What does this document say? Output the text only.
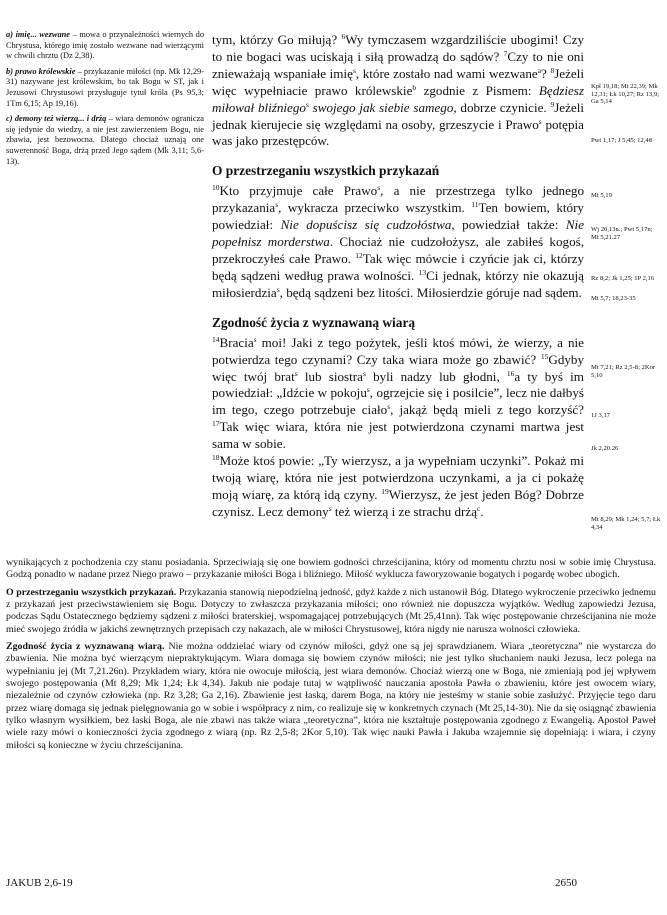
a) imię... wezwane – mowa o przynależności wiernych do Chrystusa, którego imię zostało wezwane nad wierzącymi w chwili chrztu (Dz 2,38).
b) prawo królewskie – przykazanie miłości (np. Mk 12,29-31) nazywane jest królewskim, bo tak Bogu w ST, jak i Jezusowi Chrystusowi przysługuje tytuł króla (Ps 95,3; 1Tm 6,15; Ap 19,16).
c) demony też wierzą... i drżą – wiara demonów ogranicza się jedynie do wiedzy, a nie jest zawierzeniem Bogu, nie zbawia, jest bezowocna. Dlatego chociaż uznają one suwerenność Boga, drżą przed Jego sądem (Mk 3,11; 5,6-13).

tym, którzy Go miłują? $^6$Wy tymczasem wzgardziliście ubogimi! Czy to nie bogaci was uciskają i siłą prowadzą do sądów? $^7$Czy to nie oni znieważają wspaniałe imię$^s$, które zostało nad wami wezwane$^a$? $^8$Jeżeli więc wypełniacie prawo królewskie$^b$ zgodnie z Pismem: Będziesz miłował bliźniego$^s$ swojego jak siebie samego, dobrze czynicie. $^9$Jeżeli jednak kierujecie się względami na osoby, grzeszycie i Prawo$^s$ potępia was jako przestępców.

O przestrzeganiu wszystkich przykazań

$^{10}$Kto przyjmuje całe Prawo$^s$, a nie przestrzega tylko jednego przykazania$^s$, wykracza przeciwko wszystkim. $^{11}$Ten bowiem, który powiedział: Nie dopuścisz się cudzołóstwa, powiedział także: Nie popełnisz morderstwa. Chociaż nie cudzołożysz, ale zabiłeś kogoś, przekroczyłeś całe Prawo. $^{12}$Tak więc mówcie i czyńcie jak ci, którzy będą sądzeni według prawa wolności. $^{13}$Ci jednak, którzy nie okazują miłosierdzia$^s$, będą sądzeni bez litości. Miłosierdzie góruje nad sądem.

Zgodność życia z wyznawaną wiarą

$^{14}$Bracia$^s$ moi! Jaki z tego pożytek, jeśli ktoś mówi, że wierzy, a nie potwierdza tego czynami? Czy taka wiara może go zbawić? $^{15}$Gdyby więc twój brat$^s$ lub siostra$^s$ byli nadzy lub głodni, $^{16}$a ty byś im powiedział: „Idźcie w pokoju$^s$, ogrzejcie się i posilcie”, lecz nie dałbyś im tego, czego potrzebuje ciało$^s$, jakąż będą mieli z tego korzyść? $^{17}$Tak więc wiara, która nie jest potwierdzona czynami martwa jest sama w sobie.

$^{18}$Może ktoś powie: „Ty wierzysz, a ja wypełniam uczynki”. Pokaż mi twoją wiarę, która nie jest potwierdzona uczynkami, a ja ci pokażę moją wiarę, za którą idą czyny. $^{19}$Wierzysz, że jest jeden Bóg? Dobrze czynisz. Lecz demony$^s$ też wierzą i ze strachu drżą$^c$.

Kpł 19,18; Mt 22,39; Mk 12,31; Łk 10,27; Rz 13,9; Ga 5,14
Pwt 1,17; J 5,45; 12,48
Mt 5,19
Wj 20,13n.; Pwt 5,17n; Mt 5,21.27
Rz 8,2; Jk 1,25; 1P 2,16
Mt 5,7; 18,23-35
Mt 7,21; Rz 2,5-8; 2Kor 5,10
1J 3,17
Jk 2,20.26
Mt 8,29; Mk 1,24; 5,7; Łk 4,34

wynikających z pochodzenia czy stanu posiadania. Sprzeciwiają się one bowiem godności chrześcijanina, który od momentu chrztu nosi w sobie imię Chrystusa. Godzą ponadto w nadane przez Niego prawo – przykazanie miłości Boga i bliźniego. Miłość wyklucza faworyzowanie bogatych i pogardę wobec ubogich.

O przestrzeganiu wszystkich przykazań. Przykazania stanowią niepodzielną jedność, gdyż każde z nich ustanowił Bóg. Dlatego wykroczenie przeciwko jednemu z przykazań jest przeciwstawieniem się Bogu. Dotyczy to zwłaszcza przykazania miłości; ono również nie dopuszcza wyjątków. Według zapowiedzi Jezusa, podczas Sądu Ostatecznego będziemy sądzeni z miłości braterskiej, wspomagającej potrzebujących (Mt 25,41nn). Tak więc postępowanie chrześcijanina nie może mieć swojego źródła w jakichś zewnętrznych przepisach czy nakazach, ale w miłości Chrystusowej, która nigdy nie narusza wolności człowieka.

Zgodność życia z wyznawaną wiarą. Nie można oddzielać wiary od czynów miłości, gdyż one są jej sprawdzianem. Wiara „teoretyczna” nie wystarcza do zbawienia. Nie można być wierzącym niepraktykującym. Wiara domaga się bowiem czynów miłości; nie jest tylko słuchaniem nauki Jezusa, lecz polega na wypełnianiu jej (Mt 7,21.26n). Przykładem wiary, która nie owocuje miłością, jest wiara demonów. Chociaż wierzą one w Boga, nie zmieniają pod jej wpływem swojego postępowania (Mt 8,29; Mk 1,24; Łk 4,34). Jakub nie podaje tutaj w wątpliwość nauczania apostoła Pawła o zbawieniu, które jest owocem wiary, niezależnie od czynów człowieka (np. Rz 3,28; Ga 2,16). Zbawienie jest łaską, darem Boga, na który nie jesteśmy w stanie sobie zasłużyć. Przyjęcie tego daru przez wiarę domaga się jednak pielęgnowania go w sobie i współpracy z nim, co realizuje się w konkretnych czynach (Mt 25,14-30). Nie da się osiągnąć zbawienia tylko własnym wysiłkiem, bez łaski Boga, ale nie zbawi nas także wiara „teoretyczna”, która nie kształtuje postępowania zgodnego z Ewangelią. Apostoł Paweł wiele razy mówi o konieczności życia zgodnego z wiarą (np. Rz 2,5-8; 2Kor 5,10). Tak więc nauki Pawła i Jakuba wzajemnie się dopełniają: i wiara, i czyny miłości są konieczne w życiu chrześcijanina.

JAKUB 2,6-19	2650
